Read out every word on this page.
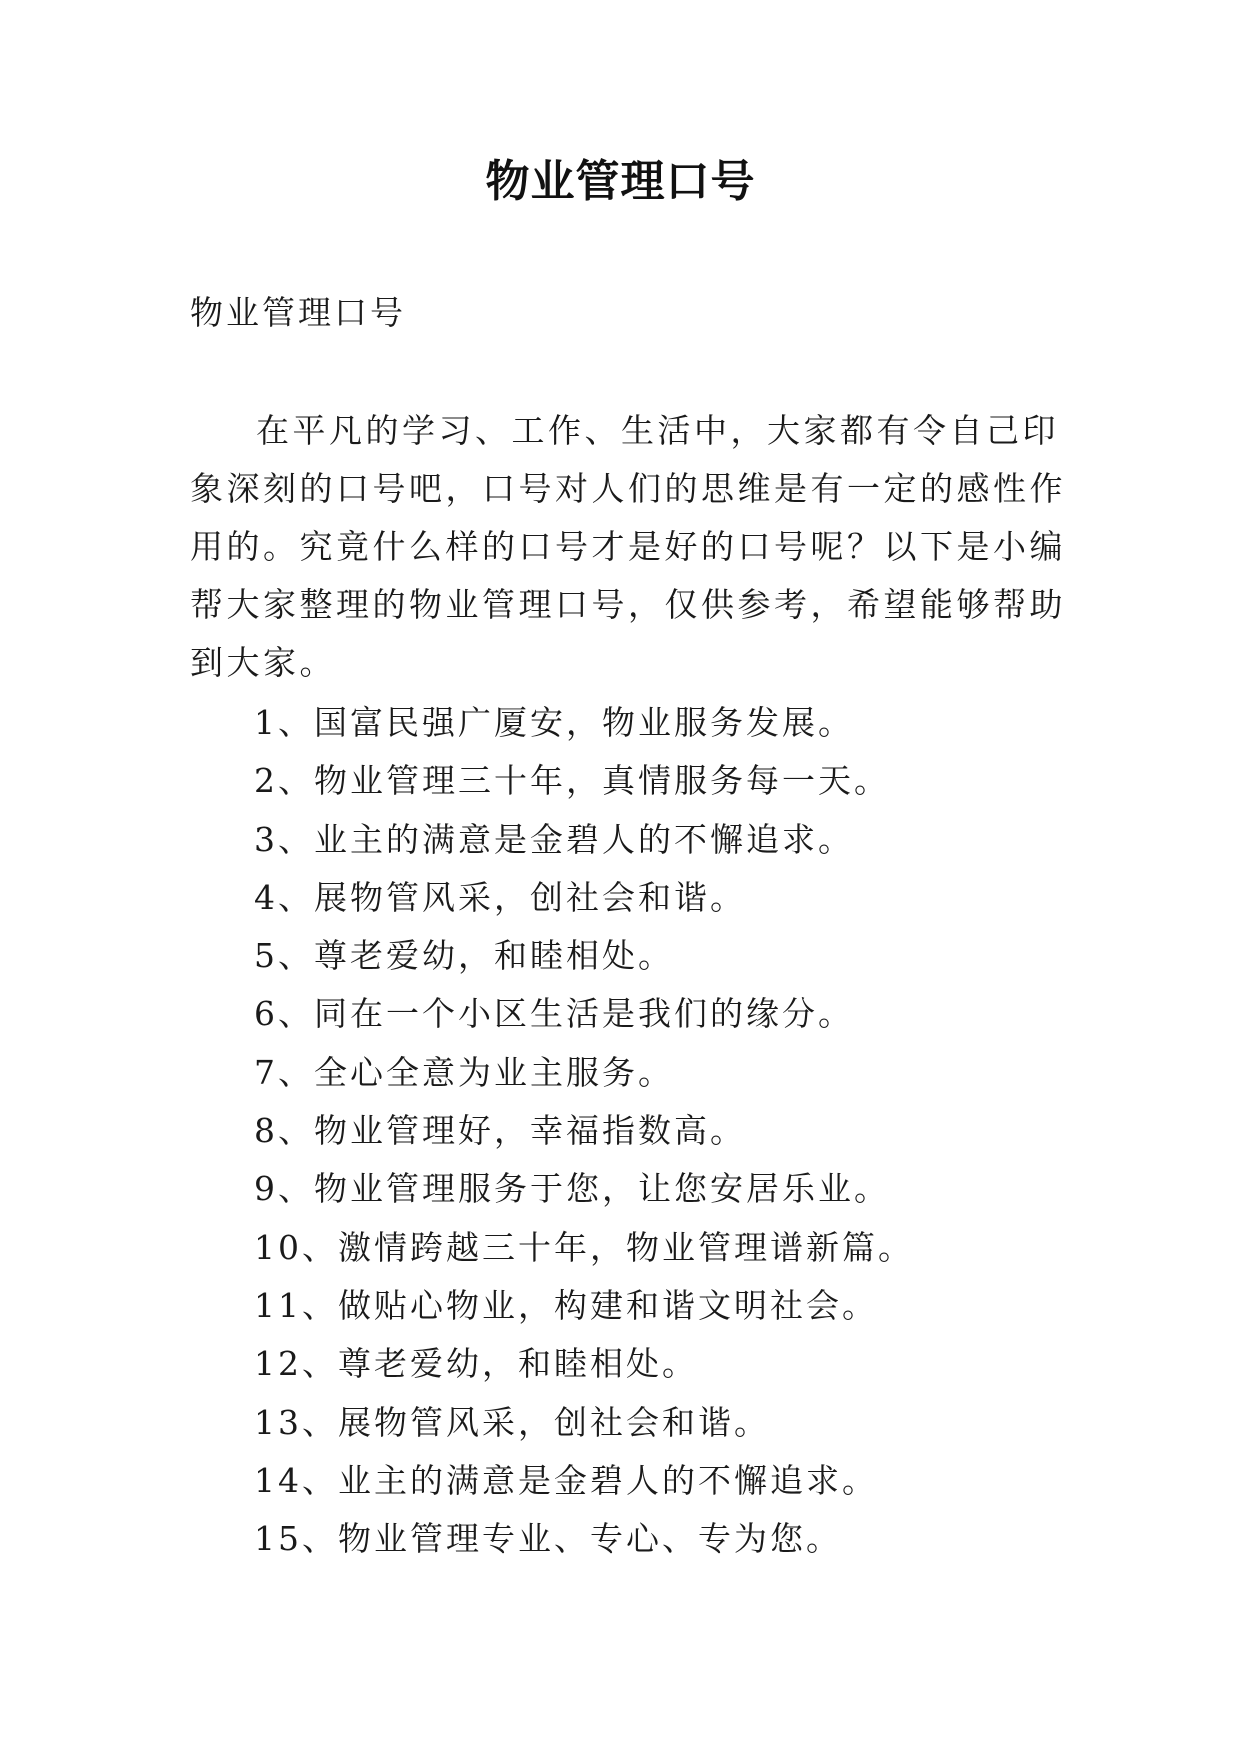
物业管理口号
物业管理口号

在平凡的学习、工作、生活中，大家都有令自己印象深刻的口号吧，口号对人们的思维是有一定的感性作用的。究竟什么样的口号才是好的口号呢？以下是小编帮大家整理的物业管理口号，仅供参考，希望能够帮助到大家。

1、国富民强广厦安，物业服务发展。
2、物业管理三十年，真情服务每一天。
3、业主的满意是金碧人的不懈追求。
4、展物管风采，创社会和谐。
5、尊老爱幼，和睦相处。
6、同在一个小区生活是我们的缘分。
7、全心全意为业主服务。
8、物业管理好，幸福指数高。
9、物业管理服务于您，让您安居乐业。
10、激情跨越三十年，物业管理谱新篇。
11、做贴心物业，构建和谐文明社会。
12、尊老爱幼，和睦相处。
13、展物管风采，创社会和谐。
14、业主的满意是金碧人的不懈追求。
15、物业管理专业、专心、专为您。
